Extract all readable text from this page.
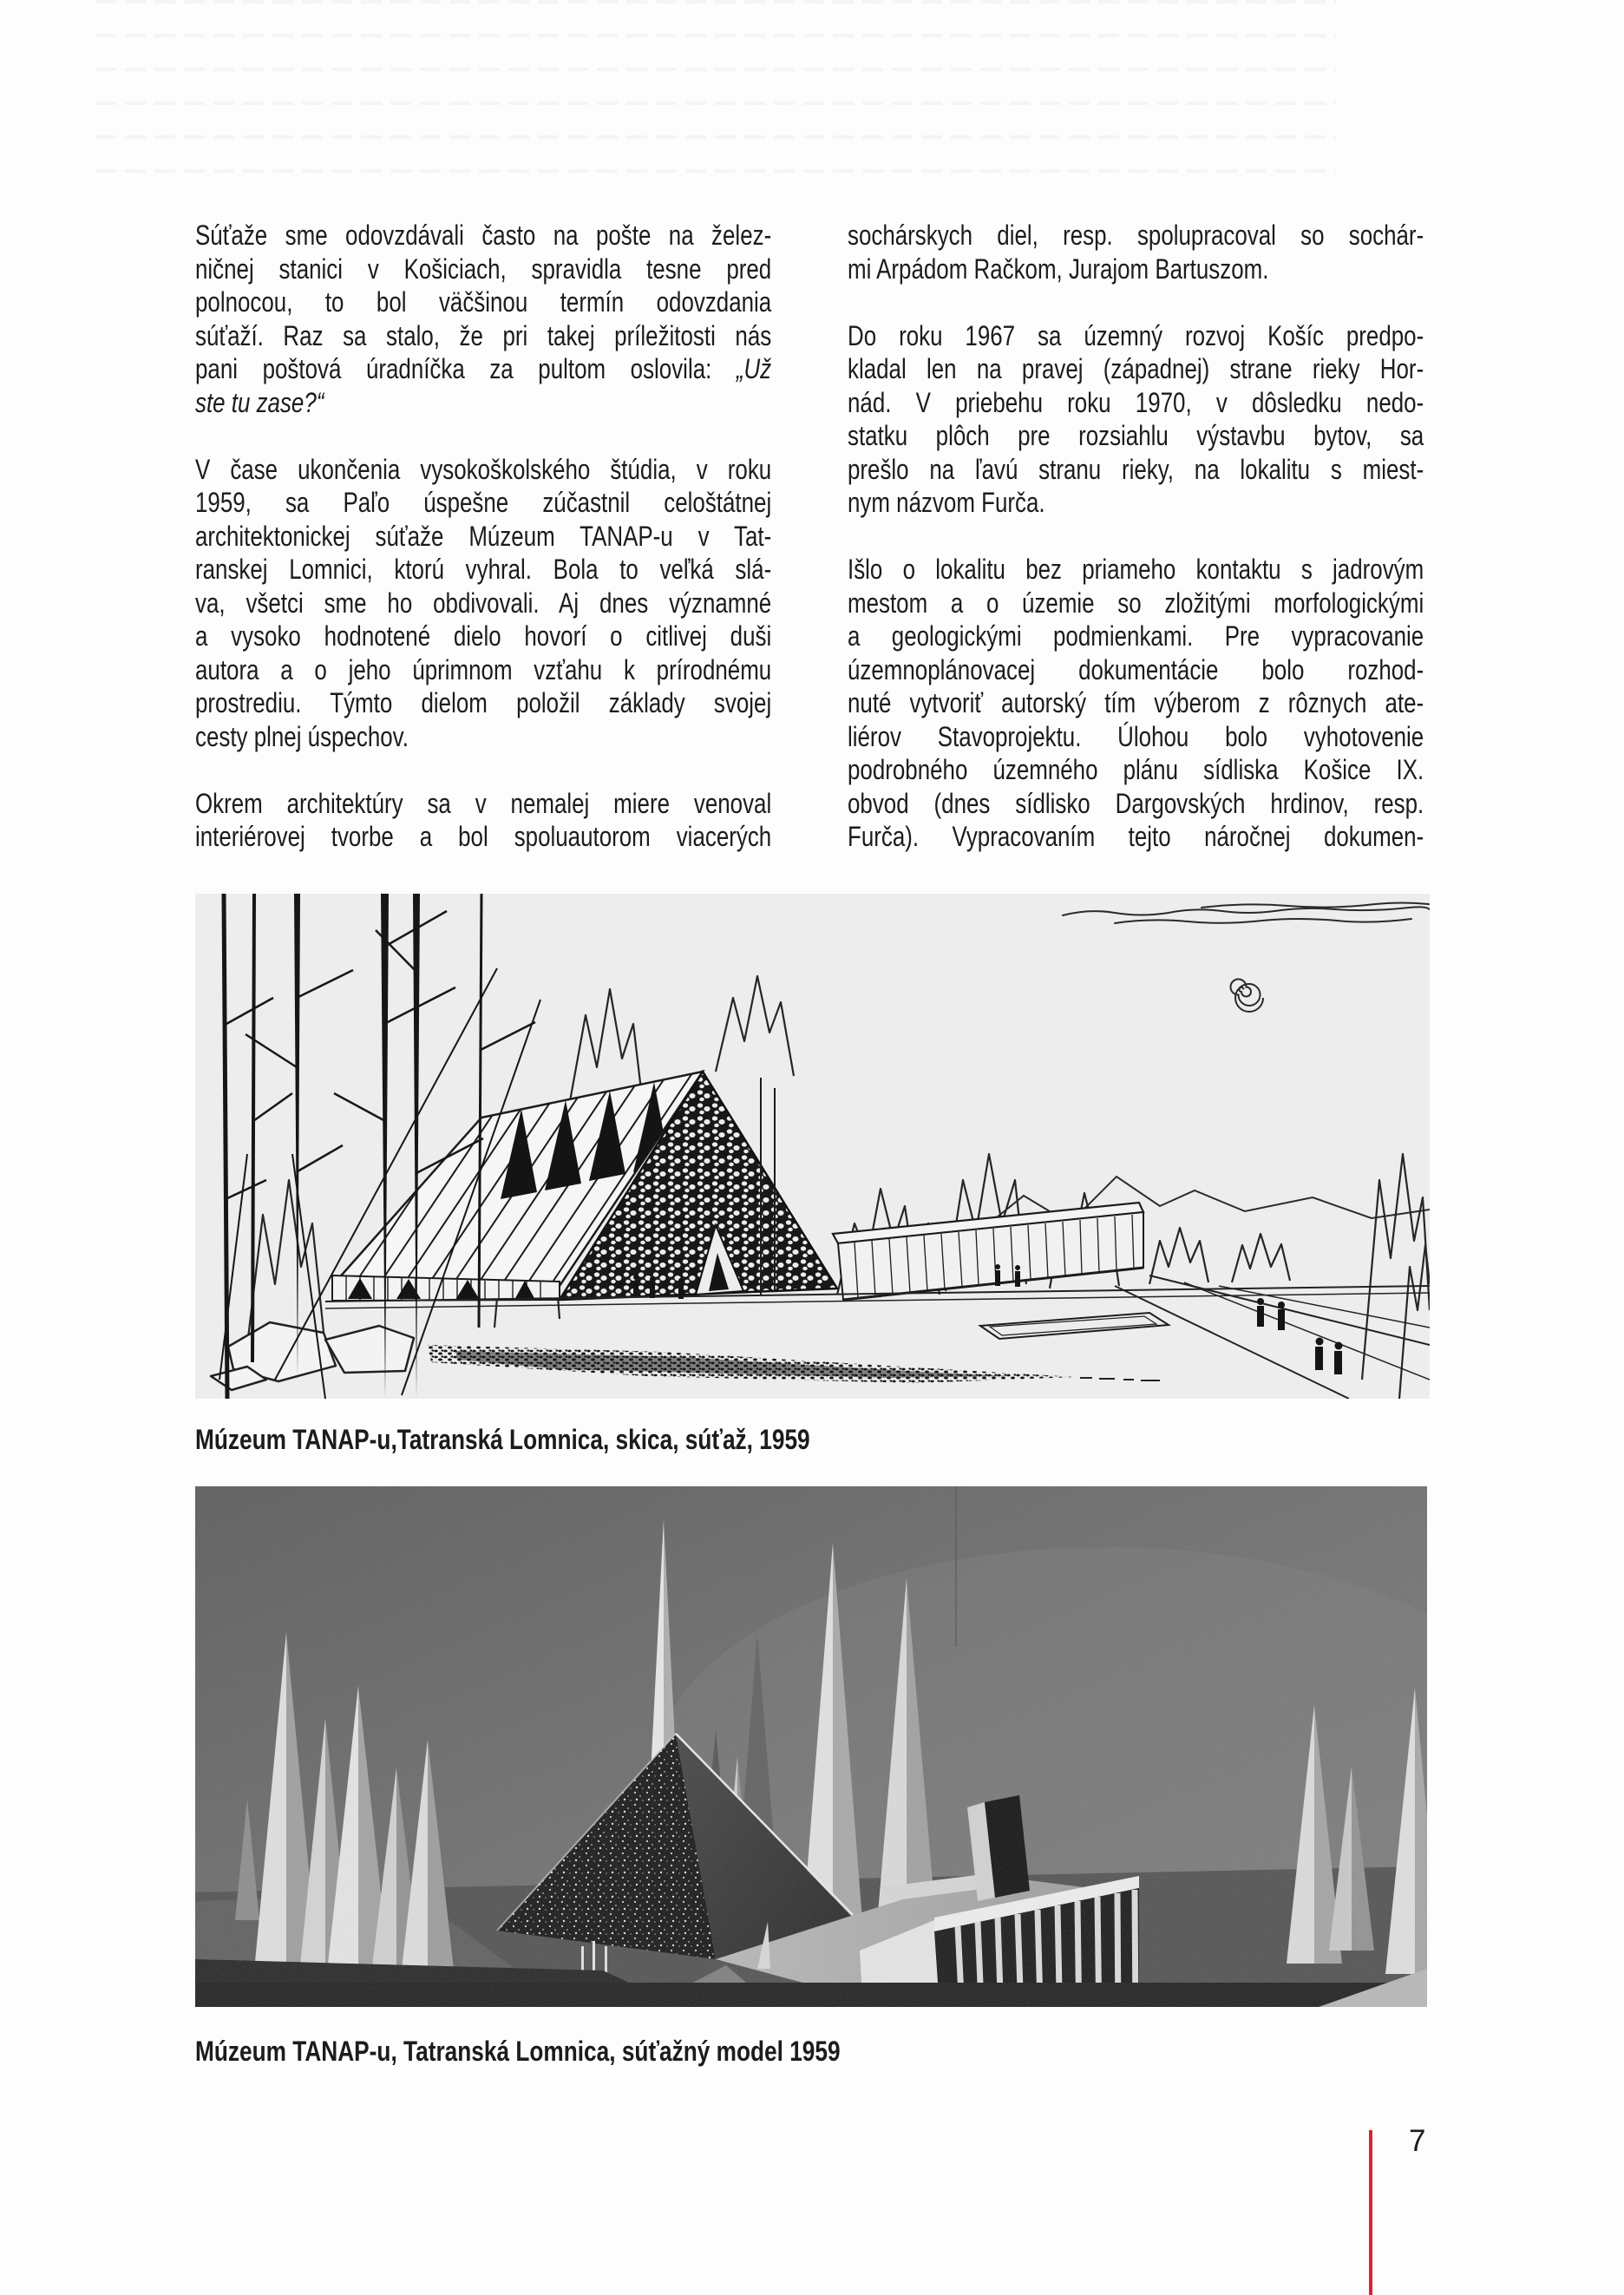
Súťaže sme odovzdávali často na pošte na želez-
ničnej stanici v Košiciach, spravidla tesne pred
polnocou, to bol väčšinou termín odovzdania
súťaží. Raz sa stalo, že pri takej príležitosti nás
pani poštová úradníčka za pultom oslovila: „Už
ste tu zase?“
V čase ukončenia vysokoškolského štúdia, v roku
1959, sa Paľo úspešne zúčastnil celoštátnej
architektonickej súťaže Múzeum TANAP-u v Tat-
ranskej Lomnici, ktorú vyhral. Bola to veľká slá-
va, všetci sme ho obdivovali. Aj dnes významné
a vysoko hodnotené dielo hovorí o citlivej duši
autora a o jeho úprimnom vzťahu k prírodnému
prostrediu. Týmto dielom položil základy svojej
cesty plnej úspechov.
Okrem architektúry sa v nemalej miere venoval
interiérovej tvorbe a bol spoluautorom viacerých
sochárskych diel, resp. spolupracoval so sochár-
mi Arpádom Račkom, Jurajom Bartuszom.
Do roku 1967 sa územný rozvoj Košíc predpo-
kladal len na pravej (západnej) strane rieky Hor-
nád. V priebehu roku 1970, v dôsledku nedo-
statku plôch pre rozsiahlu výstavbu bytov, sa
prešlo na ľavú stranu rieky, na lokalitu s miest-
nym názvom Furča.
Išlo o lokalitu bez priameho kontaktu s jadrovým
mestom a o územie so zložitými morfologickými
a geologickými podmienkami. Pre vypracovanie
územnoplánovacej dokumentácie bolo rozhod-
nuté vytvoriť autorský tím výberom z rôznych ate-
liérov Stavoprojektu. Úlohou bolo vyhotovenie
podrobného územného plánu sídliska Košice IX.
obvod (dnes sídlisko Dargovských hrdinov, resp.
Furča). Vypracovaním tejto náročnej dokumen-
Múzeum TANAP-u,Tatranská Lomnica, skica, súťaž, 1959
Múzeum TANAP-u, Tatranská Lomnica, súťažný model 1959
7
